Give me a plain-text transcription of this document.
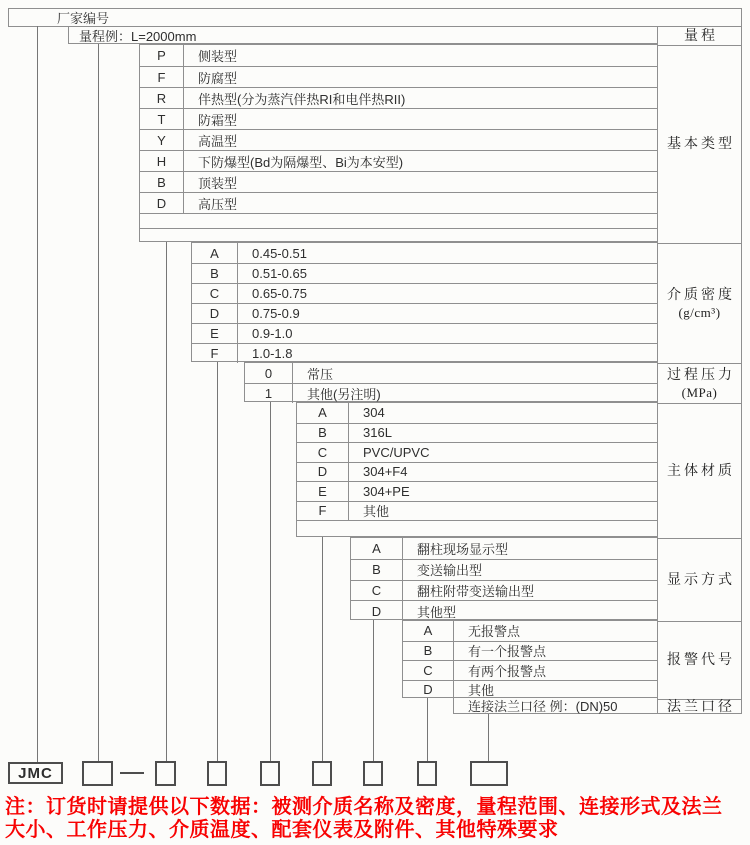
厂家编号
量程例：L=2000mm
P	侧装型
F	防腐型
R	伴热型(分为蒸汽伴热RI和电伴热RII)
T	防霜型
Y	高温型
H	下防爆型(Bd为隔爆型、Bi为本安型)
B	顶装型
D	高压型
A	0.45-0.51
B	0.51-0.65
C	0.65-0.75
D	0.75-0.9
E	0.9-1.0
F	1.0-1.8
0	常压
1	其他(另注明)
A	304
B	316L
C	PVC/UPVC
D	304+F4
E	304+PE
F	其他
A	翻柱现场显示型
B	变送输出型
C	翻柱附带变送输出型
D	其他型
A	无报警点
B	有一个报警点
C	有两个报警点
D	其他
连接法兰口径 例：(DN)50
量程
基本类型
介质密度
(g/cm³)
过程压力
(MPa)
主体材质
显示方式
报警代号
法兰口径
JMC
注：订货时请提供以下数据：被测介质名称及密度，量程范围、连接形式及法兰
大小、工作压力、介质温度、配套仪表及附件、其他特殊要求
